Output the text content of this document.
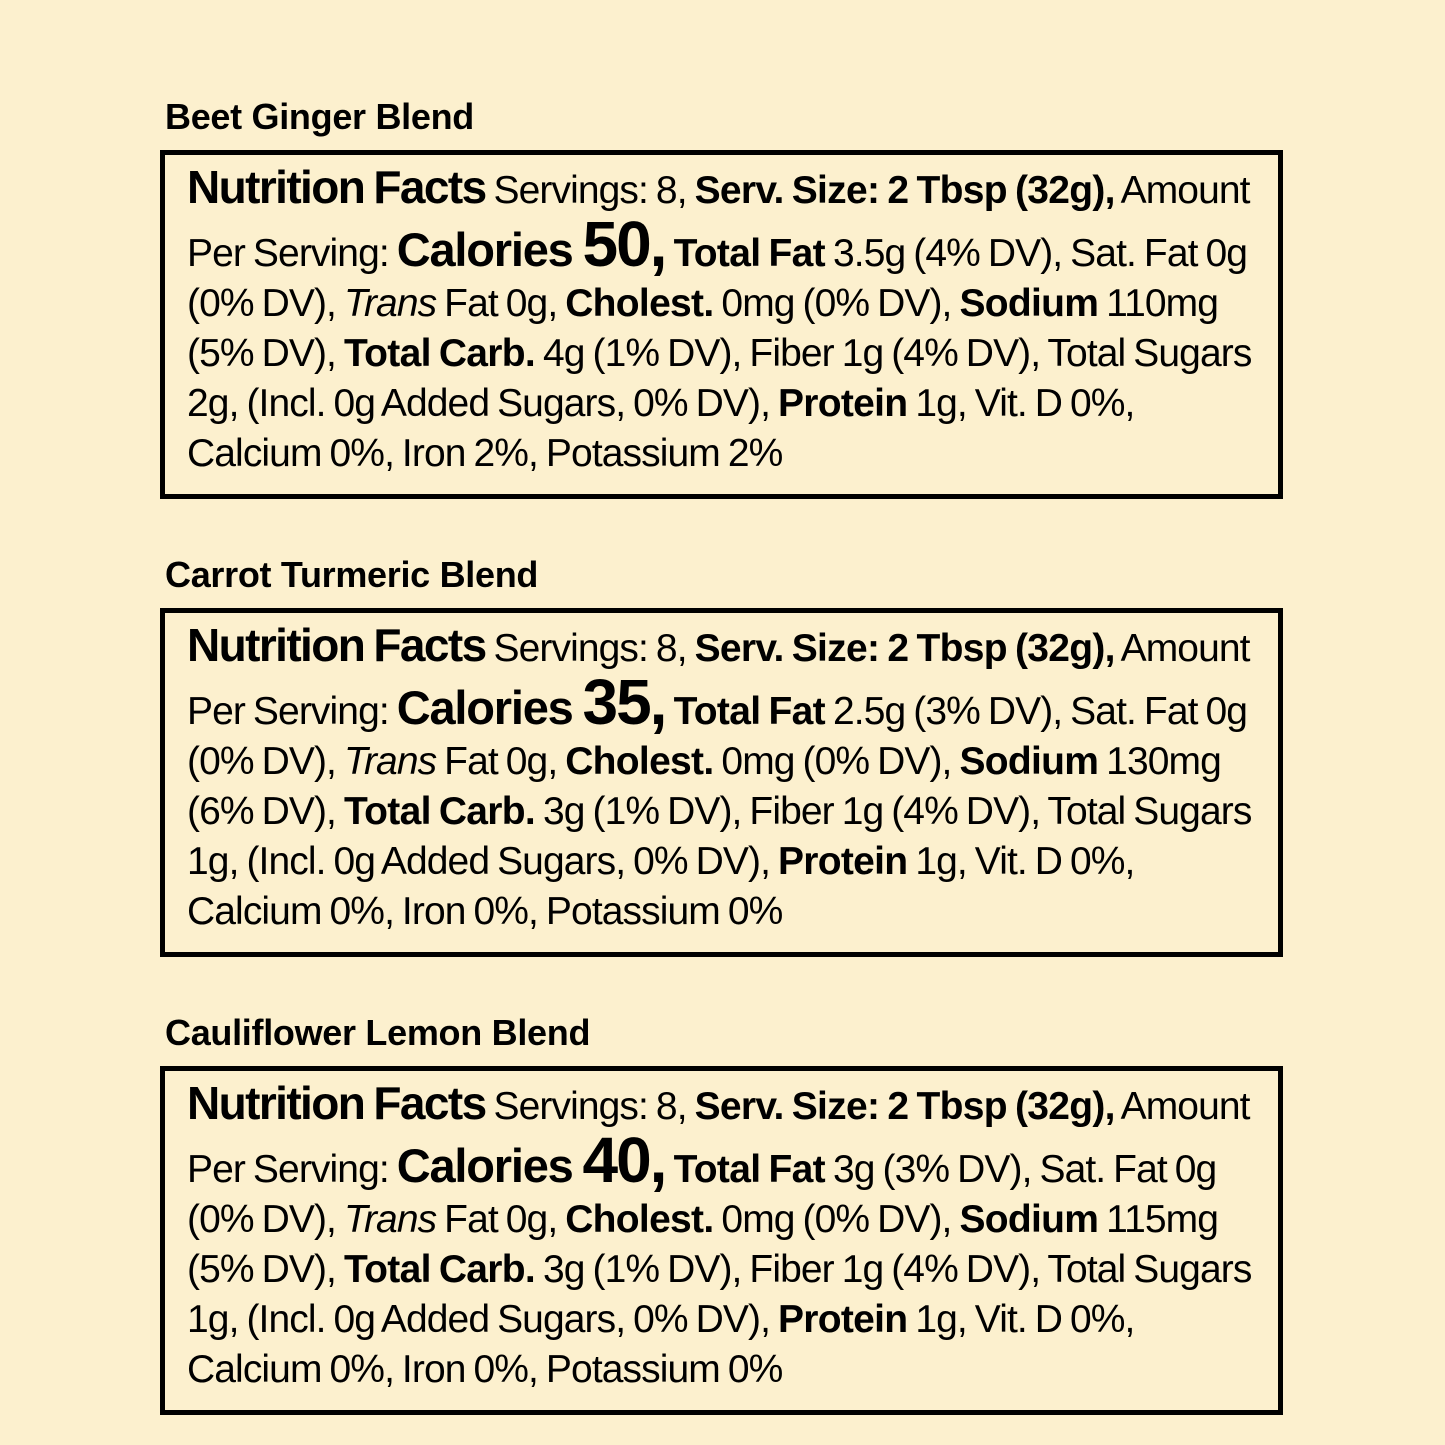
Beet Ginger Blend

Nutrition Facts Servings: 8, Serv. Size: 2 Tbsp (32g), Amount Per Serving: Calories 50, Total Fat 3.5g (4% DV), Sat. Fat 0g (0% DV), Trans Fat 0g, Cholest. 0mg (0% DV), Sodium 110mg (5% DV), Total Carb. 4g (1% DV), Fiber 1g (4% DV), Total Sugars 2g, (Incl. 0g Added Sugars, 0% DV), Protein 1g, Vit. D 0%, Calcium 0%, Iron 2%, Potassium 2%

Carrot Turmeric Blend

Nutrition Facts Servings: 8, Serv. Size: 2 Tbsp (32g), Amount Per Serving: Calories 35, Total Fat 2.5g (3% DV), Sat. Fat 0g (0% DV), Trans Fat 0g, Cholest. 0mg (0% DV), Sodium 130mg (6% DV), Total Carb. 3g (1% DV), Fiber 1g (4% DV), Total Sugars 1g, (Incl. 0g Added Sugars, 0% DV), Protein 1g, Vit. D 0%, Calcium 0%, Iron 0%, Potassium 0%

Cauliflower Lemon Blend

Nutrition Facts Servings: 8, Serv. Size: 2 Tbsp (32g), Amount Per Serving: Calories 40, Total Fat 3g (3% DV), Sat. Fat 0g (0% DV), Trans Fat 0g, Cholest. 0mg (0% DV), Sodium 115mg (5% DV), Total Carb. 3g (1% DV), Fiber 1g (4% DV), Total Sugars 1g, (Incl. 0g Added Sugars, 0% DV), Protein 1g, Vit. D 0%, Calcium 0%, Iron 0%, Potassium 0%
